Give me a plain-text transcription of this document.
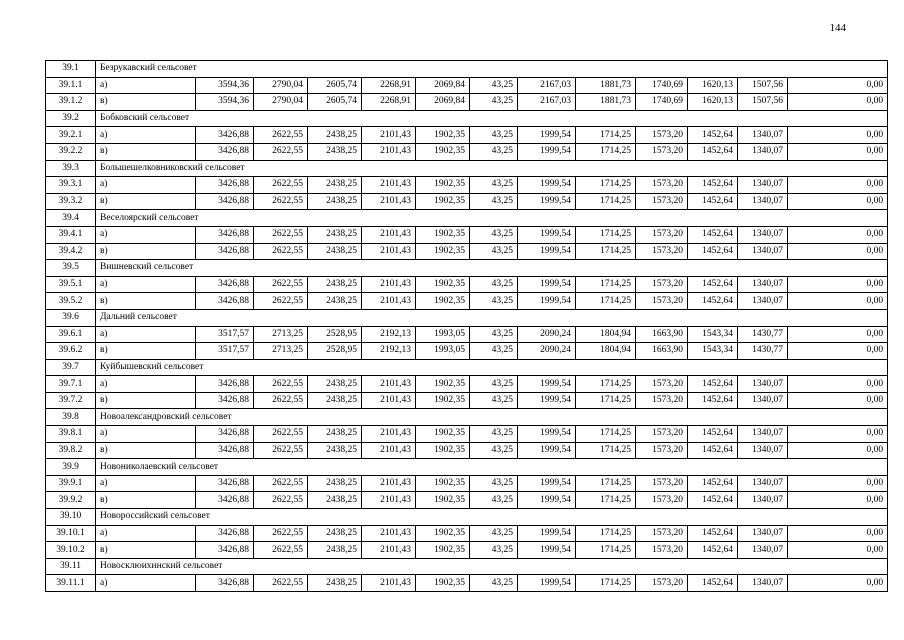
144
39.1	Безрукавский сельсовет												
39.1.1	а)	3594,36	2790,04	2605,74	2268,91	2069,84	43,25	2167,03	1881,73	1740,69	1620,13	1507,56	0,00
39.1.2	в)	3594,36	2790,04	2605,74	2268,91	2069,84	43,25	2167,03	1881,73	1740,69	1620,13	1507,56	0,00
39.2	Бобковский сельсовет												
39.2.1	а)	3426,88	2622,55	2438,25	2101,43	1902,35	43,25	1999,54	1714,25	1573,20	1452,64	1340,07	0,00
39.2.2	в)	3426,88	2622,55	2438,25	2101,43	1902,35	43,25	1999,54	1714,25	1573,20	1452,64	1340,07	0,00
39.3	Большешелковниковский сельсовет												
39.3.1	а)	3426,88	2622,55	2438,25	2101,43	1902,35	43,25	1999,54	1714,25	1573,20	1452,64	1340,07	0,00
39.3.2	в)	3426,88	2622,55	2438,25	2101,43	1902,35	43,25	1999,54	1714,25	1573,20	1452,64	1340,07	0,00
39.4	Веселоярский сельсовет												
39.4.1	а)	3426,88	2622,55	2438,25	2101,43	1902,35	43,25	1999,54	1714,25	1573,20	1452,64	1340,07	0,00
39.4.2	в)	3426,88	2622,55	2438,25	2101,43	1902,35	43,25	1999,54	1714,25	1573,20	1452,64	1340,07	0,00
39.5	Вишневский сельсовет												
39.5.1	а)	3426,88	2622,55	2438,25	2101,43	1902,35	43,25	1999,54	1714,25	1573,20	1452,64	1340,07	0,00
39.5.2	в)	3426,88	2622,55	2438,25	2101,43	1902,35	43,25	1999,54	1714,25	1573,20	1452,64	1340,07	0,00
39.6	Дальний сельсовет												
39.6.1	а)	3517,57	2713,25	2528,95	2192,13	1993,05	43,25	2090,24	1804,94	1663,90	1543,34	1430,77	0,00
39.6.2	в)	3517,57	2713,25	2528,95	2192,13	1993,05	43,25	2090,24	1804,94	1663,90	1543,34	1430,77	0,00
39.7	Куйбышевский сельсовет												
39.7.1	а)	3426,88	2622,55	2438,25	2101,43	1902,35	43,25	1999,54	1714,25	1573,20	1452,64	1340,07	0,00
39.7.2	в)	3426,88	2622,55	2438,25	2101,43	1902,35	43,25	1999,54	1714,25	1573,20	1452,64	1340,07	0,00
39.8	Новоалександровский сельсовет												
39.8.1	а)	3426,88	2622,55	2438,25	2101,43	1902,35	43,25	1999,54	1714,25	1573,20	1452,64	1340,07	0,00
39.8.2	в)	3426,88	2622,55	2438,25	2101,43	1902,35	43,25	1999,54	1714,25	1573,20	1452,64	1340,07	0,00
39.9	Новониколаевский сельсовет												
39.9.1	а)	3426,88	2622,55	2438,25	2101,43	1902,35	43,25	1999,54	1714,25	1573,20	1452,64	1340,07	0,00
39.9.2	в)	3426,88	2622,55	2438,25	2101,43	1902,35	43,25	1999,54	1714,25	1573,20	1452,64	1340,07	0,00
39.10	Новороссийский сельсовет												
39.10.1	а)	3426,88	2622,55	2438,25	2101,43	1902,35	43,25	1999,54	1714,25	1573,20	1452,64	1340,07	0,00
39.10.2	в)	3426,88	2622,55	2438,25	2101,43	1902,35	43,25	1999,54	1714,25	1573,20	1452,64	1340,07	0,00
39.11	Новосклюихинский сельсовет												
39.11.1	а)	3426,88	2622,55	2438,25	2101,43	1902,35	43,25	1999,54	1714,25	1573,20	1452,64	1340,07	0,00
